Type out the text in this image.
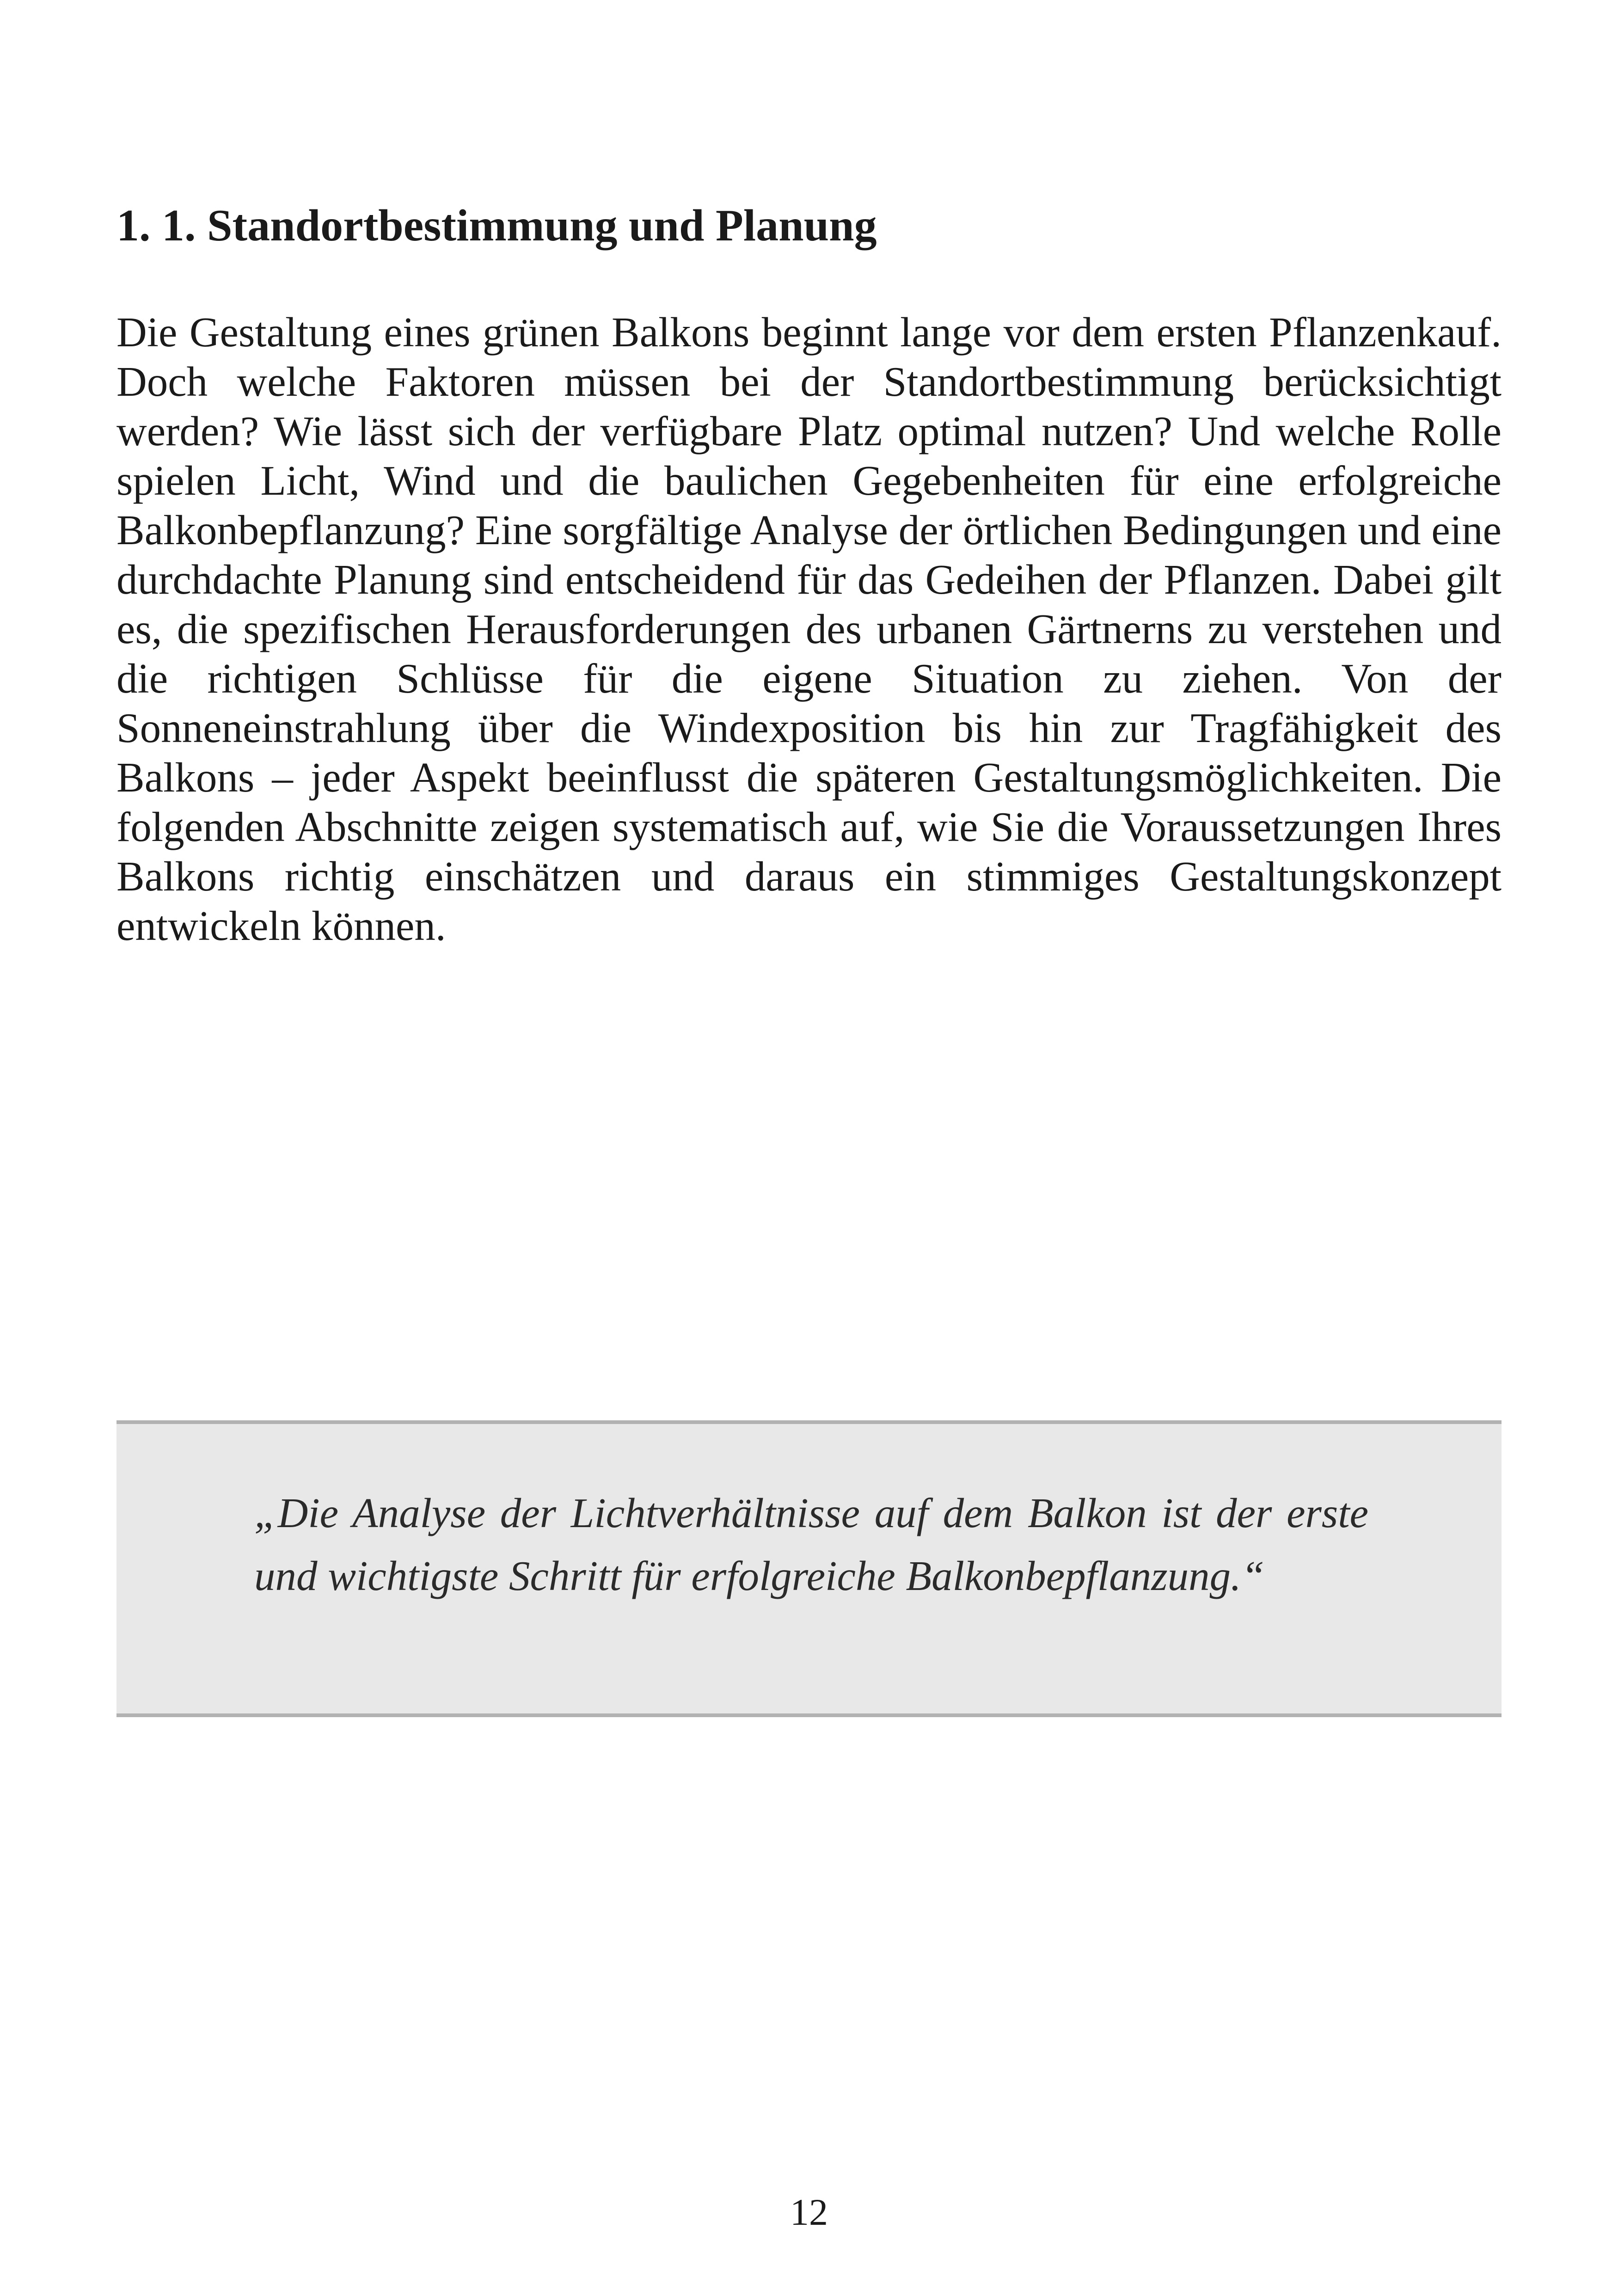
1. 1. Standortbestimmung und Planung

Die Gestaltung eines grünen Balkons beginnt lange vor dem ersten Pflanzenkauf. Doch welche Faktoren müssen bei der Standortbestimmung berücksichtigt werden? Wie lässt sich der verfügbare Platz optimal nutzen? Und welche Rolle spielen Licht, Wind und die baulichen Gegebenheiten für eine erfolgreiche Balkonbepflanzung? Eine sorgfältige Analyse der örtlichen Bedingungen und eine durchdachte Planung sind entscheidend für das Gedeihen der Pflanzen. Dabei gilt es, die spezifischen Herausforderungen des urbanen Gärtnerns zu verstehen und die richtigen Schlüsse für die eigene Situation zu ziehen. Von der Sonneneinstrahlung über die Windexposition bis hin zur Tragfähigkeit des Balkons – jeder Aspekt beeinflusst die späteren Gestaltungsmöglichkeiten. Die folgenden Abschnitte zeigen systematisch auf, wie Sie die Voraussetzungen Ihres Balkons richtig einschätzen und daraus ein stimmiges Gestaltungskonzept entwickeln können.

„Die Analyse der Lichtverhältnisse auf dem Balkon ist der erste und wichtigste Schritt für erfolgreiche Balkonbepflanzung.“

12
